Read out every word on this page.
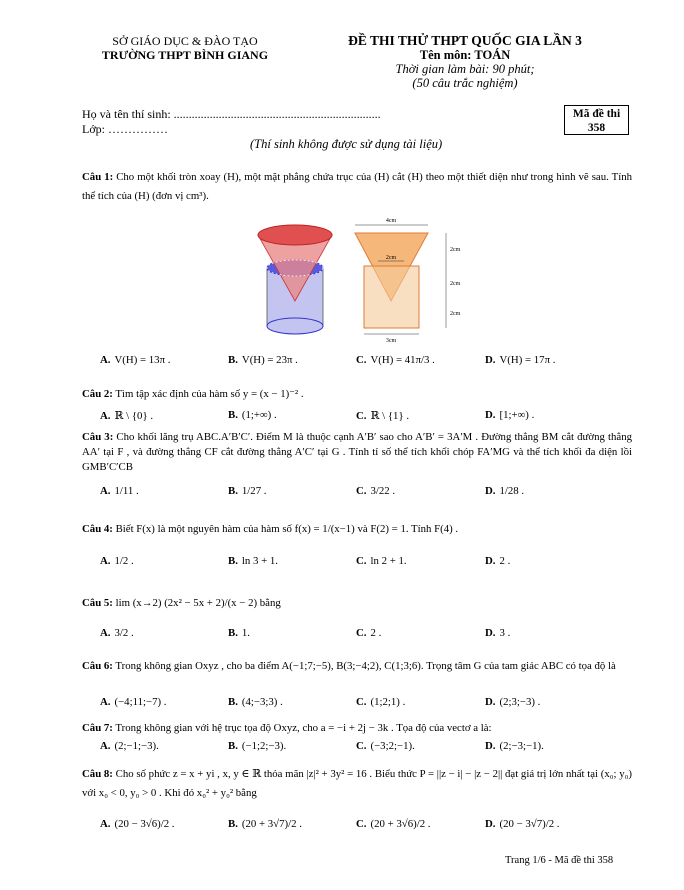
SỞ GIÁO DỤC & ĐÀO TẠO
TRƯỜNG THPT BÌNH GIANG
ĐỀ THI THỬ THPT QUỐC GIA LẦN 3
Tên môn: TOÁN
Thời gian làm bài: 90 phút;
(50 câu trắc nghiệm)
Họ và tên thí sinh: .....................................................................
Lớp: ……………
Mã đề thi
358
(Thí sinh không được sử dụng tài liệu)
Câu 1: Cho một khối tròn xoay (H), một mặt phẳng chứa trục của (H) cắt (H) theo một thiết diện như trong hình vẽ sau. Tính thể tích của (H) (đơn vị cm³).
4cm
2cm
3cm
2cm
2cm
2cm
A. V(H) = 13π .	B. V(H) = 23π .	C. V(H) = 41π/3 .	D. V(H) = 17π .
Câu 2: Tìm tập xác định của hàm số y = (x − 1)⁻² .
A. ℝ \ {0} .	B. (1;+∞) .	C. ℝ \ {1} .	D. [1;+∞) .
Câu 3: Cho khối lăng trụ ABC.A′B′C′. Điểm M là thuộc cạnh A′B′ sao cho A′B′ = 3A′M . Đường thẳng BM cắt đường thẳng AA′ tại F , và đường thẳng CF cắt đường thẳng A′C′ tại G . Tính tỉ số thể tích khối chóp FA′MG và thể tích khối đa diện lồi GMB′C′CB
A. 1/11 .	B. 1/27 .	C. 3/22 .	D. 1/28 .
Câu 4: Biết F(x) là một nguyên hàm của hàm số f(x) = 1/(x−1) và F(2) = 1. Tính F(4) .
A. 1/2 .	B. ln 3 + 1.	C. ln 2 + 1.	D. 2 .
Câu 5: lim (x→2) (2x² − 5x + 2)/(x − 2) bằng
A. 3/2 .	B. 1.	C. 2 .	D. 3 .
Câu 6: Trong không gian Oxyz , cho ba điểm A(−1;7;−5), B(3;−4;2), C(1;3;6). Trọng tâm G của tam giác ABC có tọa độ là
A. (−4;11;−7) .	B. (4;−3;3) .	C. (1;2;1) .	D. (2;3;−3) .
Câu 7: Trong không gian với hệ trục tọa độ Oxyz, cho a = −i + 2j − 3k . Tọa độ của vectơ a là:
A. (2;−1;−3).	B. (−1;2;−3).	C. (−3;2;−1).	D. (2;−3;−1).
Câu 8: Cho số phức z = x + yi , x, y ∈ ℝ thỏa mãn |z|² + 3y² = 16 . Biểu thức P = ||z − i| − |z − 2|| đạt giá trị lớn nhất tại (x₀; y₀) với x₀ < 0, y₀ > 0 . Khi đó x₀² + y₀² bằng
A. (20 − 3√6)/2 .	B. (20 + 3√7)/2 .	C. (20 + 3√6)/2 .	D. (20 − 3√7)/2 .
Trang 1/6 - Mã đề thi 358
